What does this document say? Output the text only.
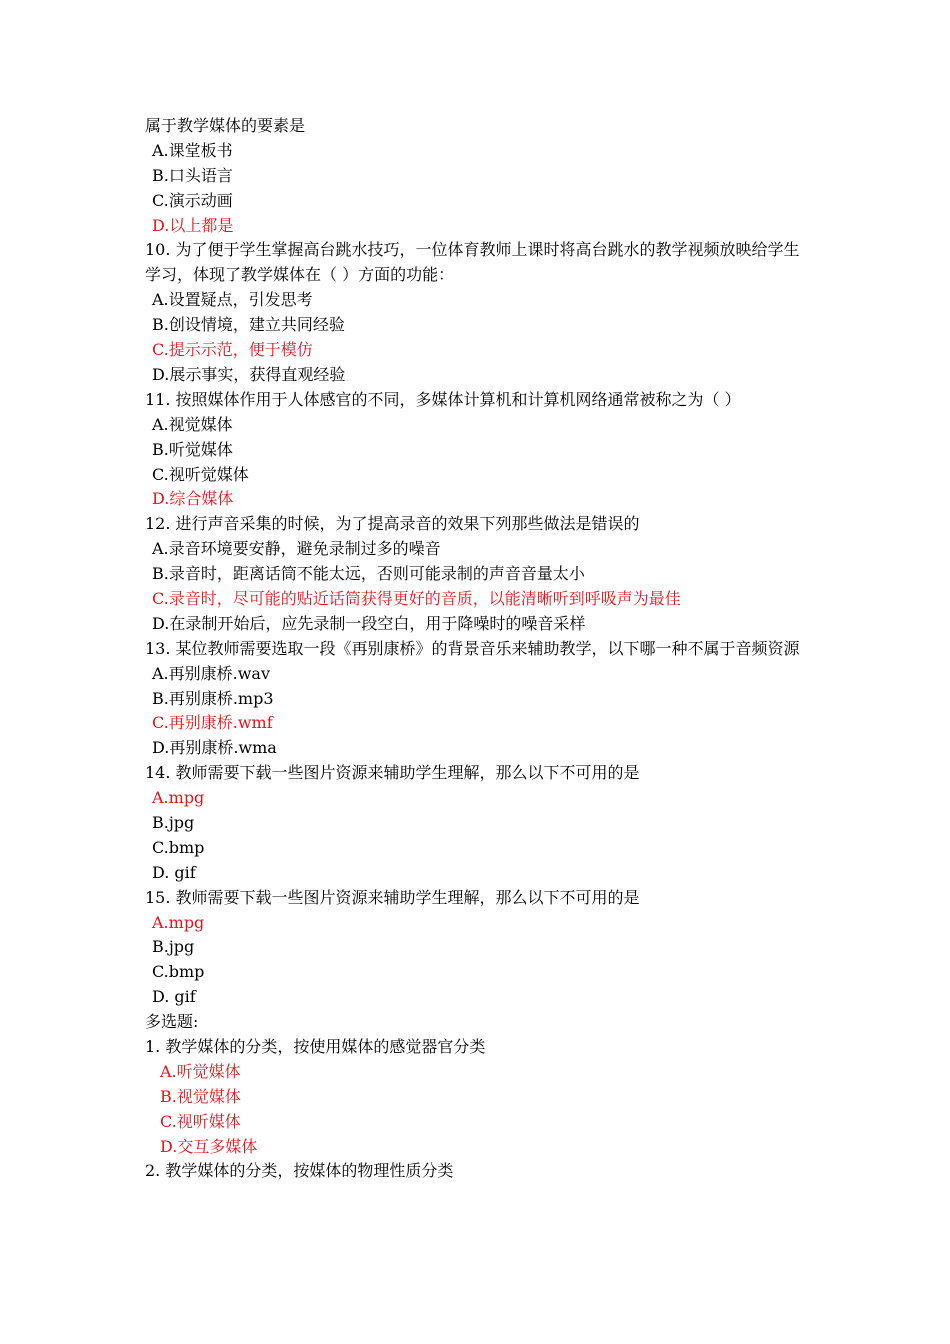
属于教学媒体的要素是
A.课堂板书
B.口头语言
C.演示动画
D.以上都是
10. 为了便于学生掌握高台跳水技巧，一位体育教师上课时将高台跳水的教学视频放映给学生学习，体现了教学媒体在（ ）方面的功能：
A.设置疑点，引发思考
B.创设情境，建立共同经验
C.提示示范，便于模仿
D.展示事实，获得直观经验
11. 按照媒体作用于人体感官的不同，多媒体计算机和计算机网络通常被称之为（ ）
A.视觉媒体
B.听觉媒体
C.视听觉媒体
D.综合媒体
12. 进行声音采集的时候，为了提高录音的效果下列那些做法是错误的
A.录音环境要安静，避免录制过多的噪音
B.录音时，距离话筒不能太远，否则可能录制的声音音量太小
C.录音时，尽可能的贴近话筒获得更好的音质，以能清晰听到呼吸声为最佳
D.在录制开始后，应先录制一段空白，用于降噪时的噪音采样
13. 某位教师需要选取一段《再别康桥》的背景音乐来辅助教学，以下哪一种不属于音频资源
A.再别康桥.wav
B.再别康桥.mp3
C.再别康桥.wmf
D.再别康桥.wma
14. 教师需要下载一些图片资源来辅助学生理解，那么以下不可用的是
A.mpg
B.jpg
C.bmp
D. gif
15. 教师需要下载一些图片资源来辅助学生理解，那么以下不可用的是
A.mpg
B.jpg
C.bmp
D. gif
多选题:
1. 教学媒体的分类，按使用媒体的感觉器官分类
A.听觉媒体
B.视觉媒体
C.视听媒体
D.交互多媒体
2. 教学媒体的分类，按媒体的物理性质分类
